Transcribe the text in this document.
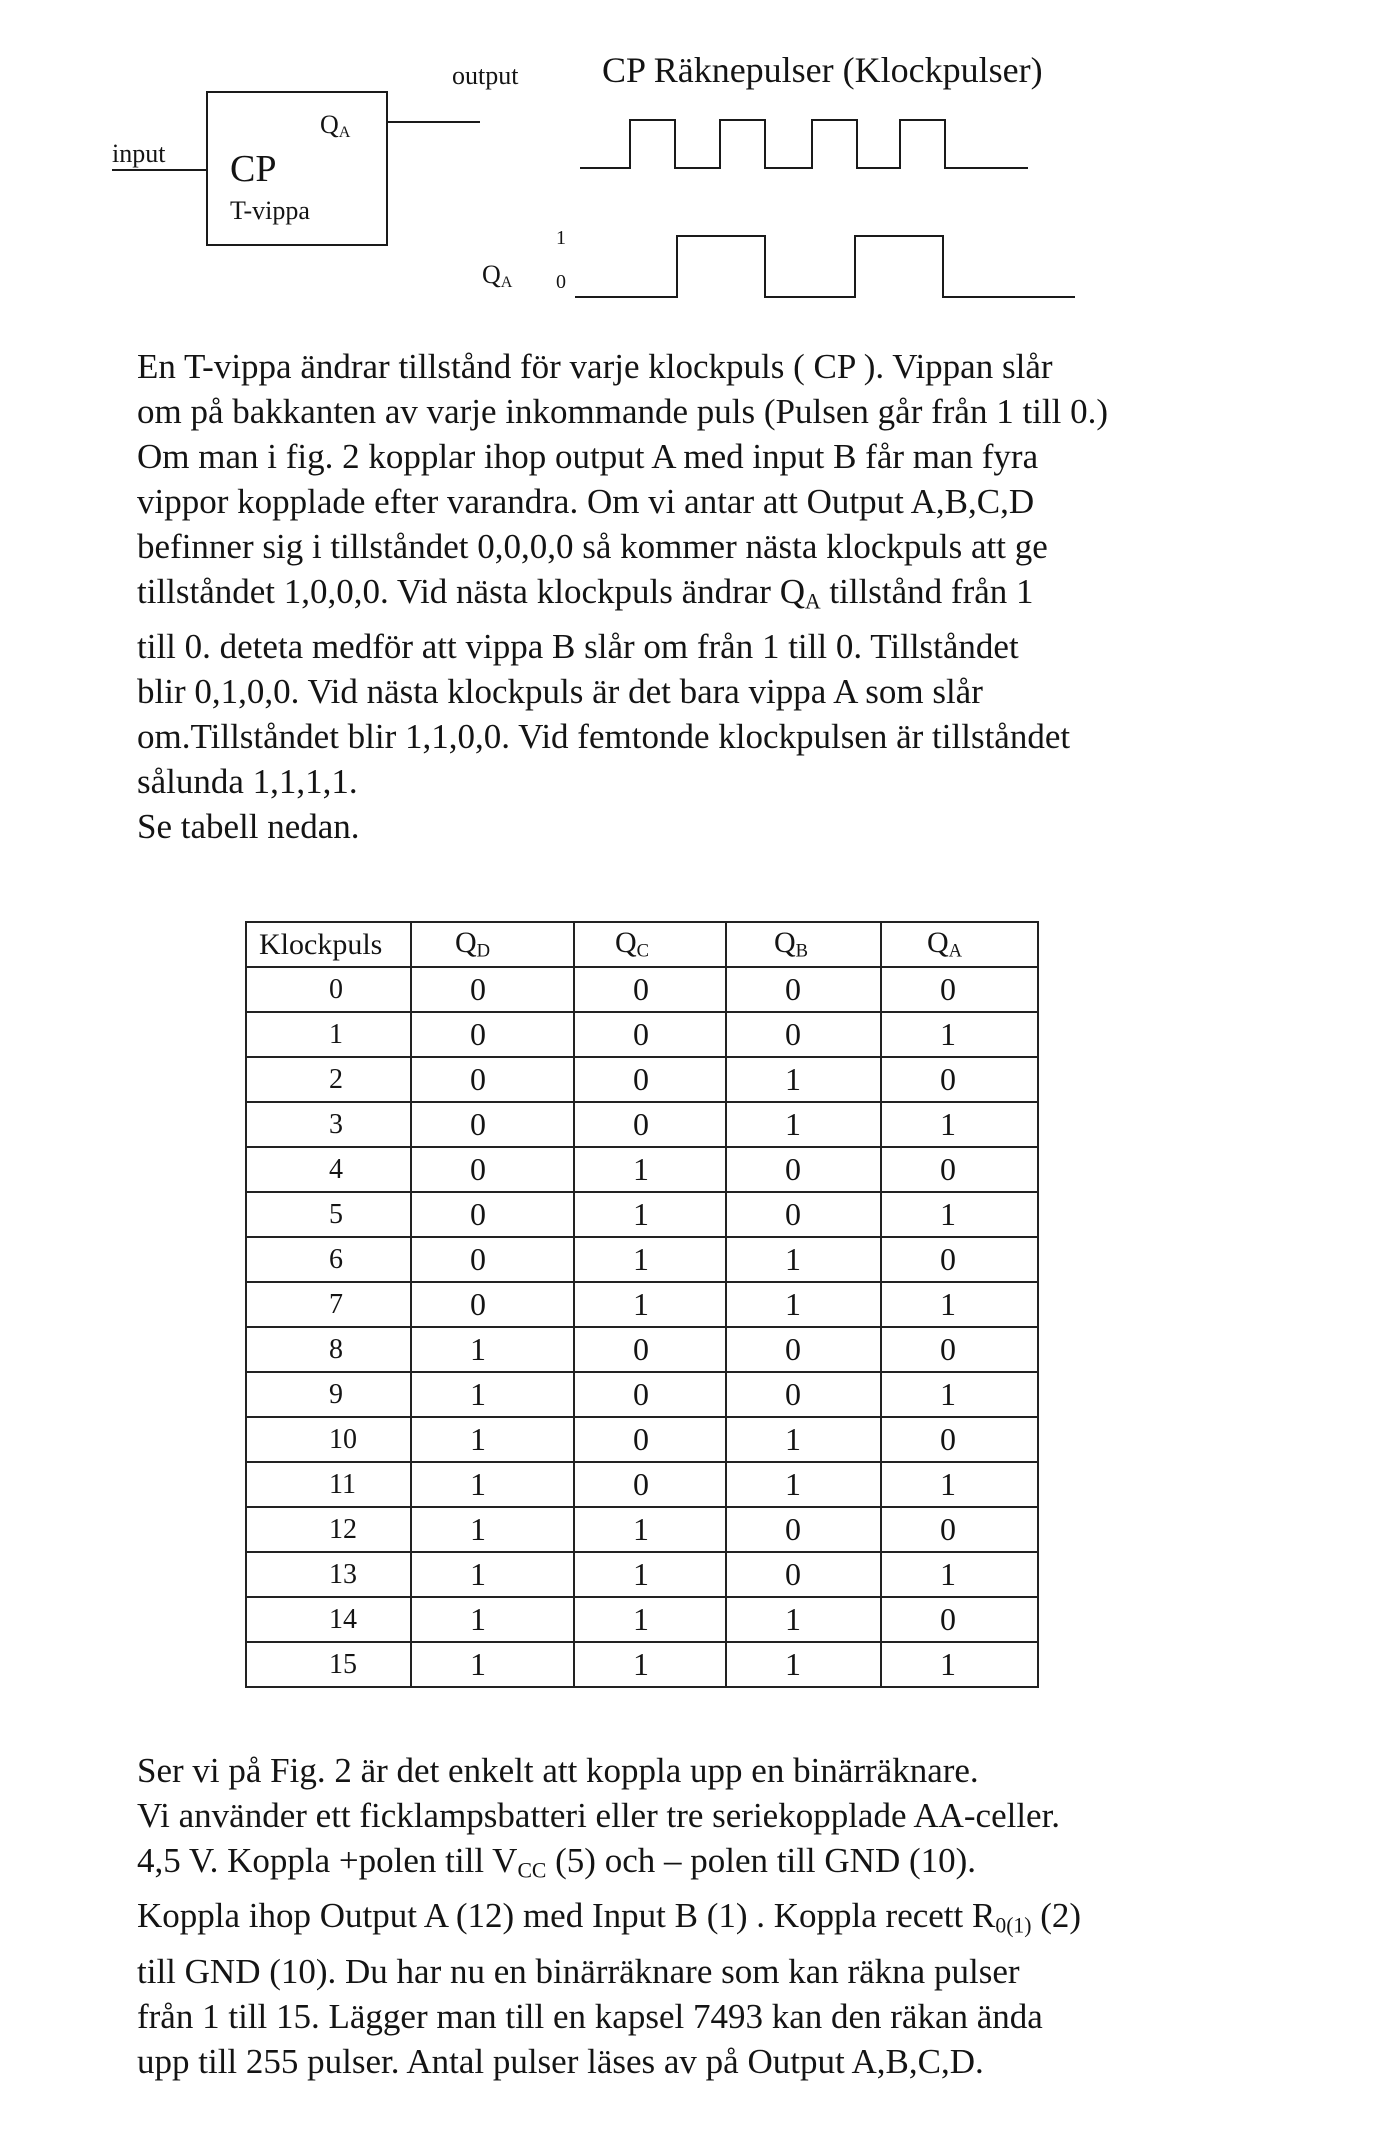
input
output
CP
T-vippa
$Q_A$
CP Räknepulser (Klockpulser)
$Q_A$
1
0

En T-vippa ändrar tillstånd för varje klockpuls ( CP ). Vippan slår

om på bakkanten av varje inkommande puls (Pulsen går från 1 till 0.)

Om man i fig. 2 kopplar ihop output A med input B får man fyra

vippor kopplade efter varandra. Om vi antar att Output A,B,C,D

befinner sig i tillståndet 0,0,0,0 så kommer nästa klockpuls att ge

tillståndet 1,0,0,0. Vid nästa klockpuls ändrar $Q_A$ tillstånd från 1

till 0. deteta medför att vippa B slår om från 1 till 0. Tillståndet

blir 0,1,0,0. Vid nästa klockpuls är det bara vippa A som slår

om.Tillståndet blir 1,1,0,0. Vid femtonde klockpulsen är tillståndet

sålunda 1,1,1,1.

Se tabell nedan.

Klockpuls	$Q_D$	$Q_C$	$Q_B$	$Q_A$
0	0	0	0	0
1	0	0	0	1
2	0	0	1	0
3	0	0	1	1
4	0	1	0	0
5	0	1	0	1
6	0	1	1	0
7	0	1	1	1
8	1	0	0	0
9	1	0	0	1
10	1	0	1	0
11	1	0	1	1
12	1	1	0	0
13	1	1	0	1
14	1	1	1	0
15	1	1	1	1

Ser vi på Fig. 2 är det enkelt att koppla upp en binärräknare.

Vi använder ett ficklampsbatteri eller tre seriekopplade AA-celler.

4,5 V. Koppla +polen till $V_{CC}$ (5) och – polen till GND (10).

Koppla ihop Output A (12) med Input B (1) . Koppla recett $R_{0(1)}$ (2)

till GND (10). Du har nu en binärräknare som kan räkna pulser

från 1 till 15. Lägger man till en kapsel 7493 kan den räkan ända

upp till 255 pulser. Antal pulser läses av på Output A,B,C,D.
